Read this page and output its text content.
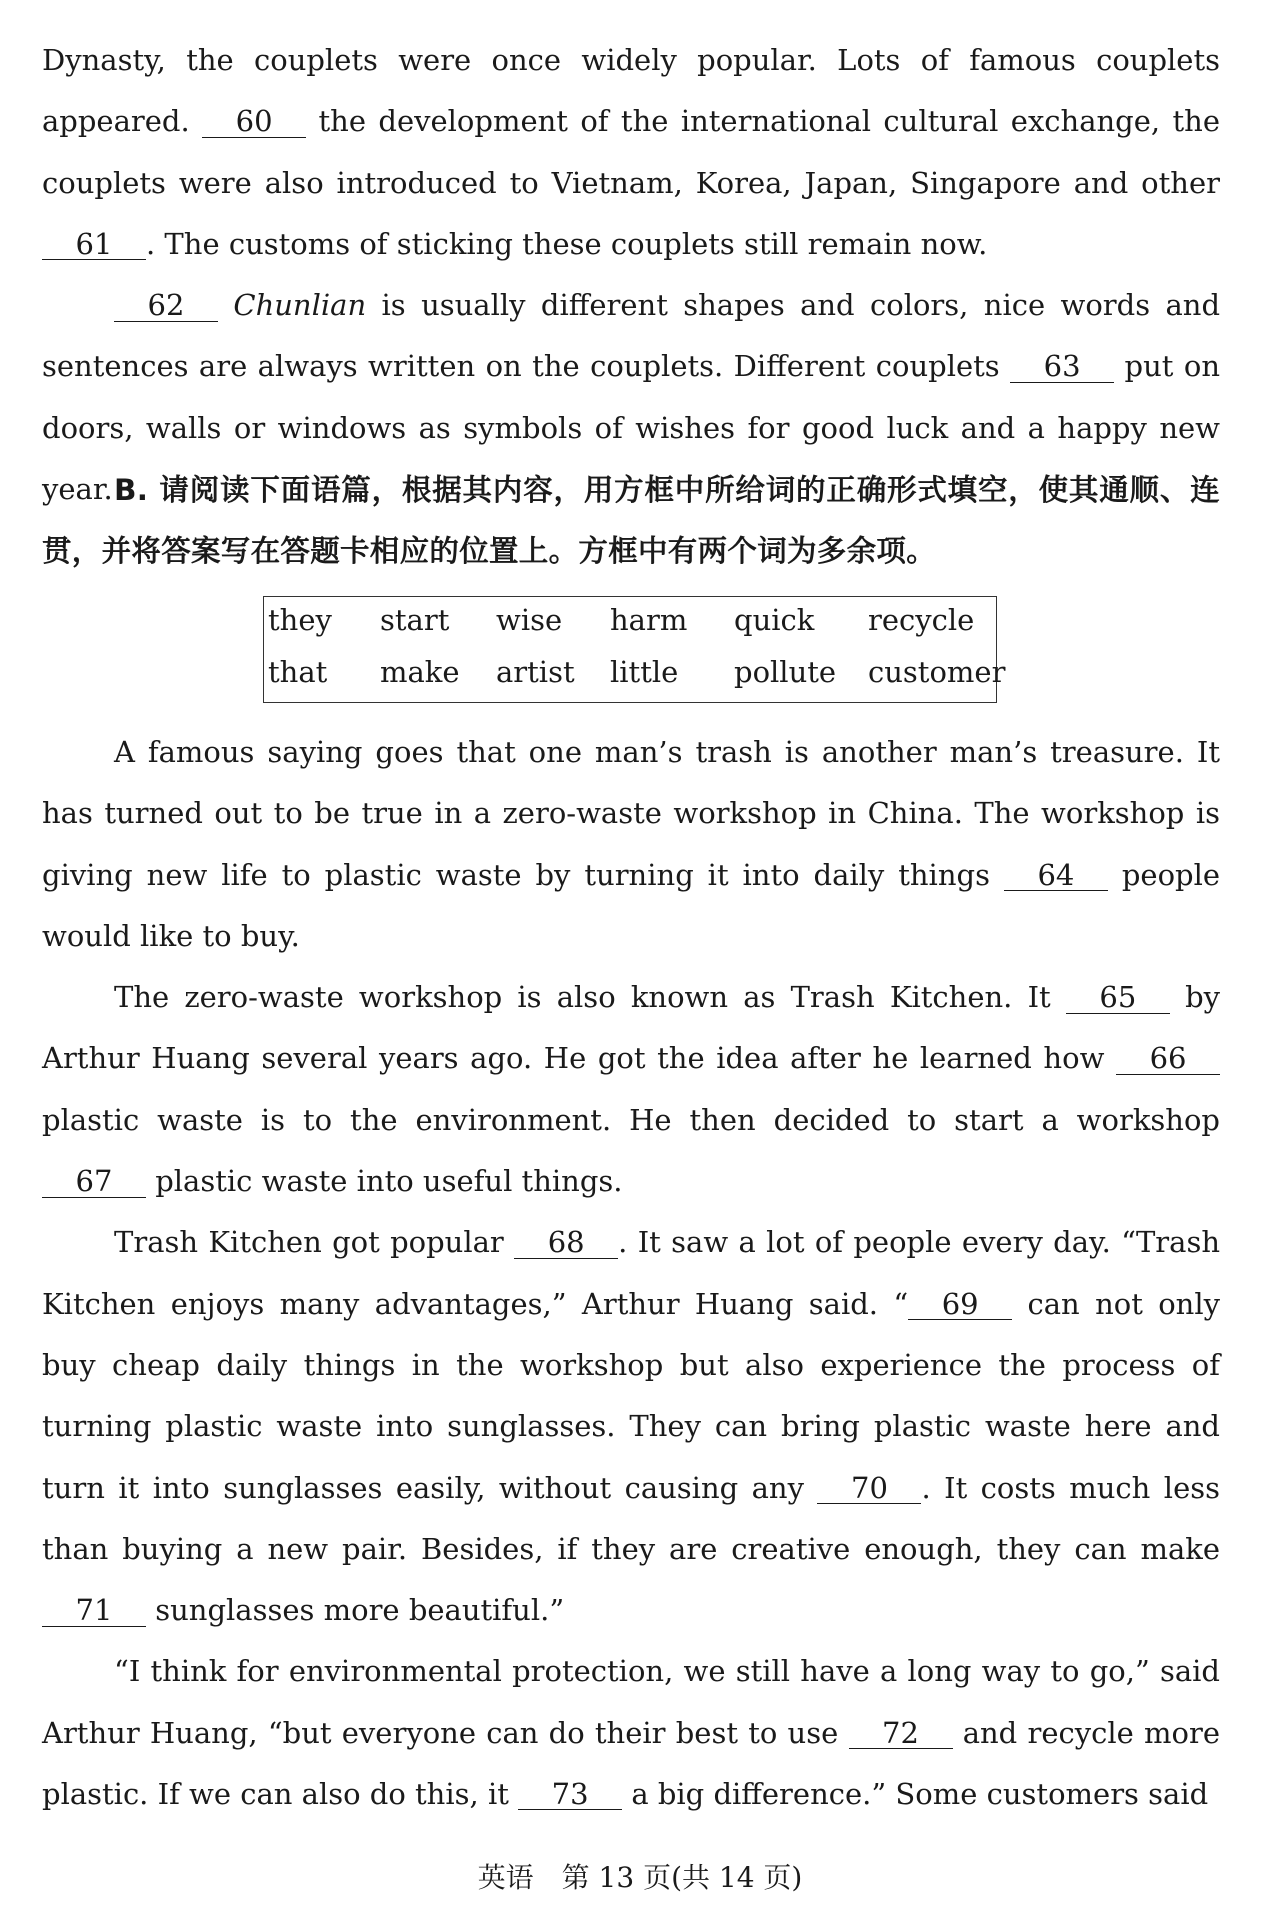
Dynasty, the couplets were once widely popular. Lots of famous couplets appeared. 60 the development of the international cultural exchange, the couplets were also introduced to Vietnam, Korea, Japan, Singapore and other 61 . The customs of sticking these couplets still remain now.

62 Chunlian is usually different shapes and colors, nice words and sentences are always written on the couplets. Different couplets 63 put on doors, walls or windows as symbols of wishes for good luck and a happy new year. B. 请阅读下面语篇，根据其内容，用方框中所给词的正确形式填空，使其通顺、连贯，并将答案写在答题卡相应的位置上。方框中有两个词为多余项。
they start wise harm quick recycle
that make artist little pollute customer

A famous saying goes that one man’s trash is another man’s treasure. It has turned out to be true in a zero-waste workshop in China. The workshop is giving new life to plastic waste by turning it into daily things 64 people would like to buy.

The zero-waste workshop is also known as Trash Kitchen. It 65 by Arthur Huang several years ago. He got the idea after he learned how 66 plastic waste is to the environment. He then decided to start a workshop 67 plastic waste into useful things.

Trash Kitchen got popular 68 . It saw a lot of people every day. “Trash Kitchen enjoys many advantages,” Arthur Huang said. “ 69 can not only buy cheap daily things in the workshop but also experience the process of turning plastic waste into sunglasses. They can bring plastic waste here and turn it into sunglasses easily, without causing any 70 . It costs much less than buying a new pair. Besides, if they are creative enough, they can make 71 sunglasses more beautiful.”

“I think for environmental protection, we still have a long way to go,” said Arthur Huang, “but everyone can do their best to use 72 and recycle more plastic. If we can also do this, it 73 a big difference.” Some customers said

英语　第 13 页(共 14 页)
